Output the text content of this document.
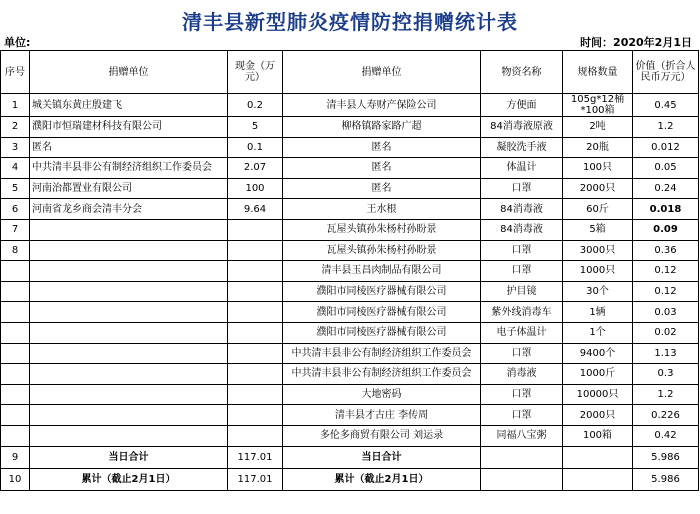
清丰县新型肺炎疫情防控捐赠统计表
单位:	时间：2020年2月1日
序号	捐赠单位	现金（万元）	捐赠单位	物资名称	规格数量	价值（折合人民币万元）
1	城关镇东黄庄殷建飞	0.2	清丰县人寿财产保险公司	方便面	105g*12桶*100箱	0.45
2	濮阳市恒瑞建材科技有限公司	5	柳格镇路家路广超	84消毒液原液	2吨	1.2
3	匿名	0.1	匿名	凝胶洗手液	20瓶	0.012
4	中共清丰县非公有制经济组织工作委员会	2.07	匿名	体温计	100只	0.05
5	河南治都置业有限公司	100	匿名	口罩	2000只	0.24
6	河南省龙乡商会清丰分会	9.64	王水根	84消毒液	60斤	0.018
7			瓦屋头镇孙朱杨村孙盼景	84消毒液	5箱	0.09
8			瓦屋头镇孙朱杨村孙盼景	口罩	3000只	0.36
			清丰县玉昌肉制品有限公司	口罩	1000只	0.12
			濮阳市同棱医疗器械有限公司	护目镜	30个	0.12
			濮阳市同棱医疗器械有限公司	紫外线消毒车	1辆	0.03
			濮阳市同棱医疗器械有限公司	电子体温计	1个	0.02
			中共清丰县非公有制经济组织工作委员会	口罩	9400个	1.13
			中共清丰县非公有制经济组织工作委员会	消毒液	1000斤	0.3
			大地密码	口罩	10000只	1.2
			清丰县才古庄 李传周	口罩	2000只	0.226
			多伦多商贸有限公司 刘运录	同福八宝粥	100箱	0.42
9	当日合计	117.01	当日合计			5.986
10	累计（截止2月1日）	117.01	累计（截止2月1日）			5.986
